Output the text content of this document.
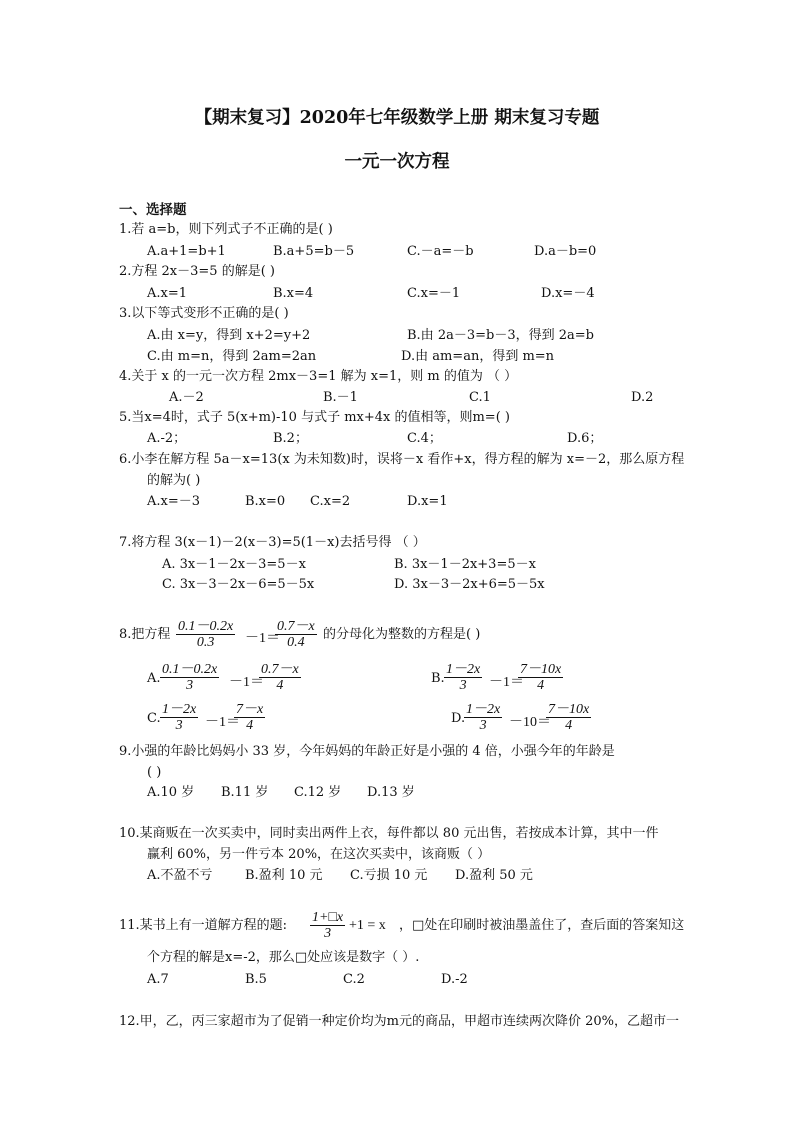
【期末复习】2020年七年级数学上册 期末复习专题
一元一次方程
一、选择题
1.若 a=b，则下列式子不正确的是( )
A.a+1=b+1	B.a+5=b－5	C.－a=－b	D.a－b=0
2.方程 2x－3=5 的解是( )
A.x=1	B.x=4	C.x=－1	D.x=－4
3.以下等式变形不正确的是( )
A.由 x=y，得到 x+2=y+2	B.由 2a－3=b－3，得到 2a=b
C.由 m=n，得到 2am=2an	D.由 am=an，得到 m=n
4.关于 x 的一元一次方程 2mx－3=1 解为 x=1，则 m 的值为 （ ）
A.－2	B.－1	C.1	D.2
5.当x=4时，式子 5(x+m)-10 与式子 mx+4x 的值相等，则m=( )
A.-2；	B.2；	C.4；	D.6；
6.小李在解方程 5a－x=13(x 为未知数)时，误将－x 看作+x，得方程的解为 x=－2，那么原方程
的解为( )
A.x=－3	B.x=0 C.x=2	D.x=1
7.将方程 3(x－1)－2(x－3)=5(1－x)去括号得 （ ）
A. 3x－1－2x－3=5－x	B. 3x－1－2x+3=5－x
C. 3x－3－2x－6=5－5x	D. 3x－3－2x+6=5－5x
8.把方程 $\frac{0.1-0.2x}{0.3} -1=$
$\frac{0.7-x}{0.4}$ 的分母化为整数的方程是( )
A. $\frac{0.1-0.2x}{3} -1=$
$\frac{0.7-x}{4}$	B. $\frac{1-2x}{3} -1=$
$\frac{7-10x}{4}$
C. $\frac{1-2x}{3} -1=$
$\frac{7-x}{4}$	D.
$\frac{1-2x}{3} -10=$
$\frac{7-10x}{4}$
9.小强的年龄比妈妈小 33 岁，今年妈妈的年龄正好是小强的 4 倍，小强今年的年龄是
( )
A.10 岁 B.11 岁 C.12 岁 D.13 岁
10.某商贩在一次买卖中，同时卖出两件上衣，每件都以 80 元出售，若按成本计算，其中一件
赢利 60%，另一件亏本 20%，在这次买卖中，该商贩（ ）
A.不盈不亏 B.盈利 10 元 C.亏损 10 元 D.盈利 50 元
11.某书上有一道解方程的题: $\frac{1+□x}{3} +1 = x$ ，□处在印刷时被油墨盖住了，查后面的答案知这
个方程的解是x=-2，那么□处应该是数字（ ）.
A.7	B.5	C.2	D.-2
12.甲，乙，丙三家超市为了促销一种定价均为m元的商品，甲超市连续两次降价 20%，乙超市一
